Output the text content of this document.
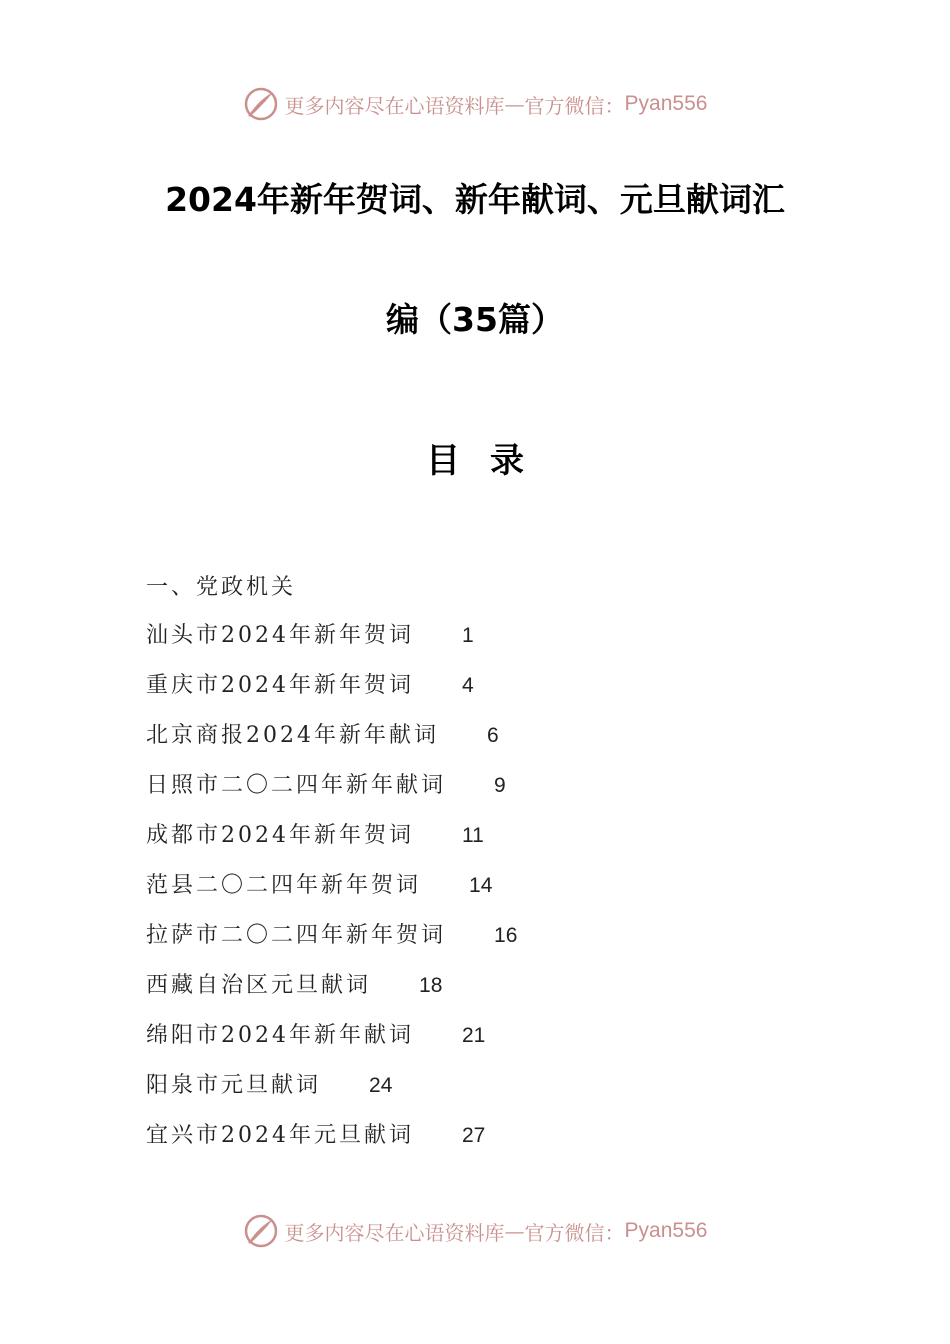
更多内容尽在心语资料库 — 官方微信： Pyan556
2024年新年贺词、新年献词、元旦献词汇
编（35篇）
目录
一、党政机关
汕头市2024年新年贺词 1
重庆市2024年新年贺词 4
北京商报2024年新年献词 6
日照市二〇二四年新年献词 9
成都市2024年新年贺词 11
范县二〇二四年新年贺词 14
拉萨市二〇二四年新年贺词 16
西藏自治区元旦献词 18
绵阳市2024年新年献词 21
阳泉市元旦献词 24
宜兴市2024年元旦献词 27
更多内容尽在心语资料库 — 官方微信： Pyan556
